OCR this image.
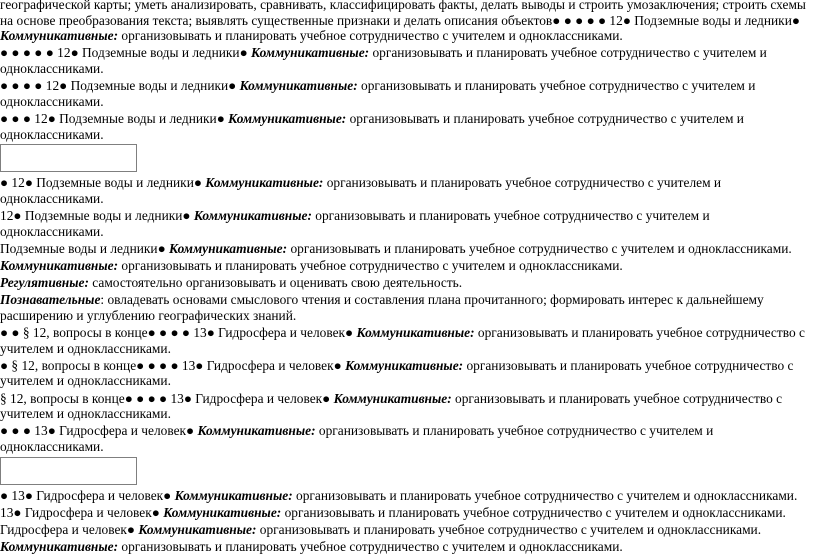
географической карты; уметь анализировать, сравнивать, классифицировать факты, делать выводы и строить умозаключения; строить схемы на основе преобразования текста; выявлять существенные признаки и делать описания объектов● ● ● ● ● 12● Подземные воды и ледники● Коммуникативные: организовывать и планировать учебное сотрудничество с учителем и одноклассниками.

● ● ● ● ● 12● Подземные воды и ледники● Коммуникативные: организовывать и планировать учебное сотрудничество с учителем и одноклассниками.

● ● ● ● 12● Подземные воды и ледники● Коммуникативные: организовывать и планировать учебное сотрудничество с учителем и одноклассниками.

● ● ● 12● Подземные воды и ледники● Коммуникативные: организовывать и планировать учебное сотрудничество с учителем и одноклассниками.

● 12● Подземные воды и ледники● Коммуникативные: организовывать и планировать учебное сотрудничество с учителем и одноклассниками.

12● Подземные воды и ледники● Коммуникативные: организовывать и планировать учебное сотрудничество с учителем и одноклассниками.

Подземные воды и ледники● Коммуникативные: организовывать и планировать учебное сотрудничество с учителем и одноклассниками.

Коммуникативные: организовывать и планировать учебное сотрудничество с учителем и одноклассниками.

Регулятивные: самостоятельно организовывать и оценивать свою деятельность.

Познавательные: овладевать основами смыслового чтения и составления плана прочитанного; формировать интерес к дальнейшему расширению и углублению географических знаний.

● ● § 12, вопросы в конце● ● ● ● 13● Гидросфера и человек● Коммуникативные: организовывать и планировать учебное сотрудничество с учителем и одноклассниками.

● § 12, вопросы в конце● ● ● ● 13● Гидросфера и человек● Коммуникативные: организовывать и планировать учебное сотрудничество с учителем и одноклассниками.

§ 12, вопросы в конце● ● ● ● 13● Гидросфера и человек● Коммуникативные: организовывать и планировать учебное сотрудничество с учителем и одноклассниками.

● ● ● 13● Гидросфера и человек● Коммуникативные: организовывать и планировать учебное сотрудничество с учителем и одноклассниками.

● 13● Гидросфера и человек● Коммуникативные: организовывать и планировать учебное сотрудничество с учителем и одноклассниками.

13● Гидросфера и человек● Коммуникативные: организовывать и планировать учебное сотрудничество с учителем и одноклассниками.

Гидросфера и человек● Коммуникативные: организовывать и планировать учебное сотрудничество с учителем и одноклассниками.

Коммуникативные: организовывать и планировать учебное сотрудничество с учителем и одноклассниками.
